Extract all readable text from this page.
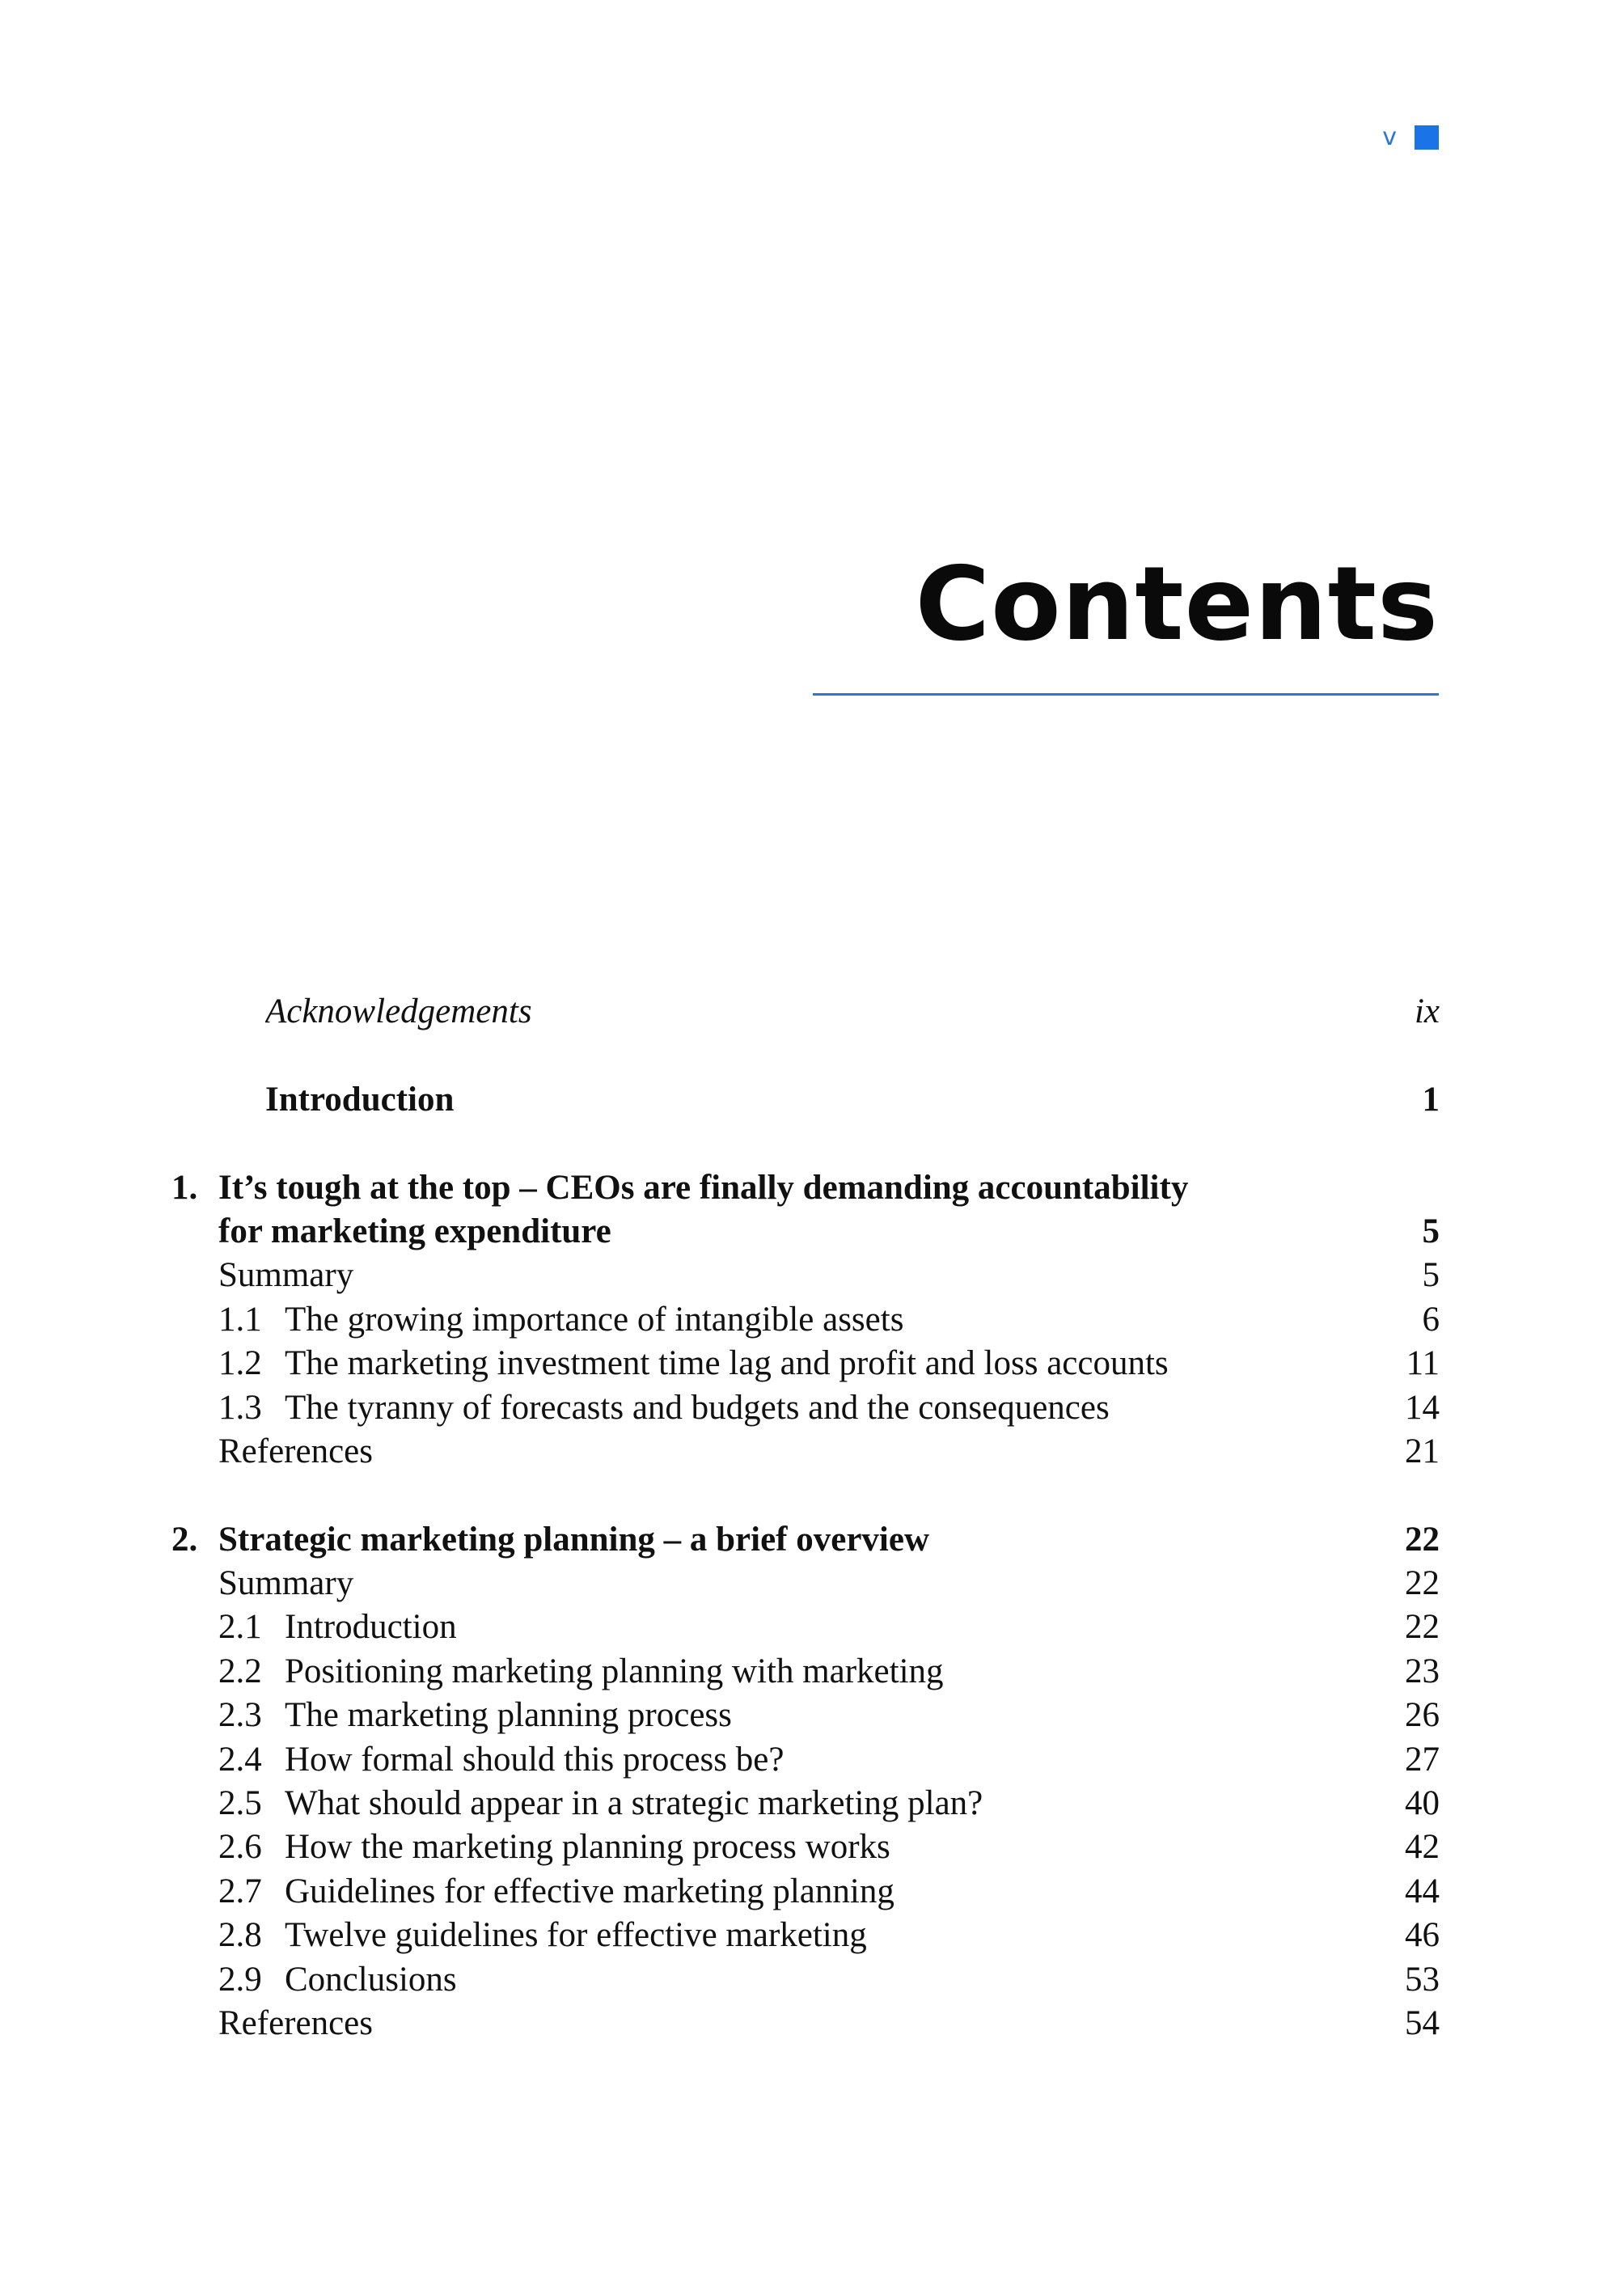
v
Contents
Acknowledgements	ix
Introduction	1
1. It’s tough at the top – CEOs are finally demanding accountability
for marketing expenditure	5
Summary	5
1.1 The growing importance of intangible assets	6
1.2 The marketing investment time lag and profit and loss accounts	11
1.3 The tyranny of forecasts and budgets and the consequences	14
References	21
2. Strategic marketing planning – a brief overview	22
Summary	22
2.1 Introduction	22
2.2 Positioning marketing planning with marketing	23
2.3 The marketing planning process	26
2.4 How formal should this process be?	27
2.5 What should appear in a strategic marketing plan?	40
2.6 How the marketing planning process works	42
2.7 Guidelines for effective marketing planning	44
2.8 Twelve guidelines for effective marketing	46
2.9 Conclusions	53
References	54
